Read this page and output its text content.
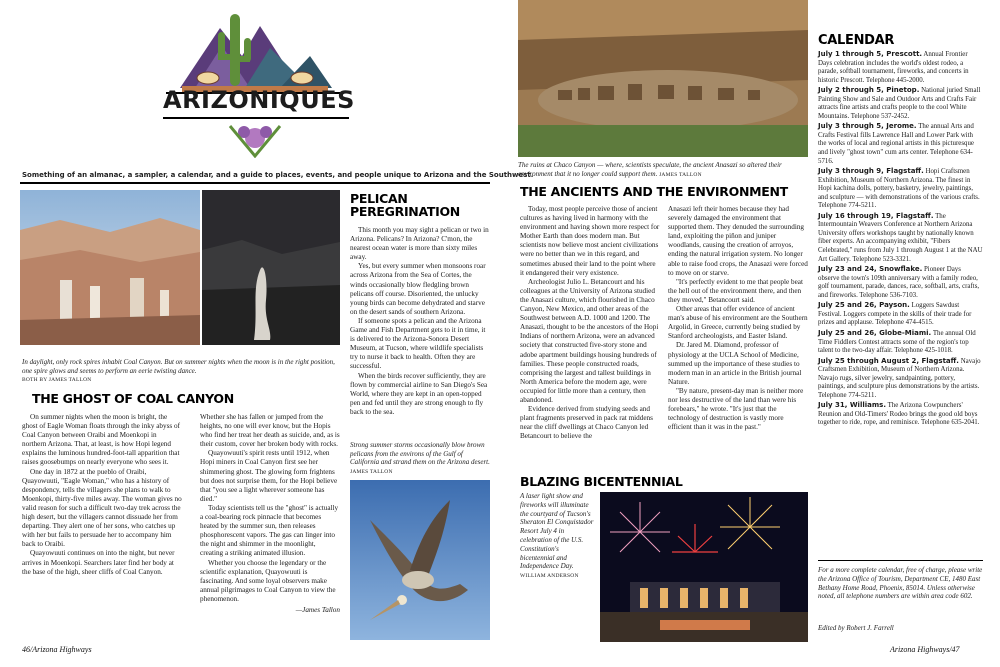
ARIZONIQUES
Something of an almanac, a sampler, a calendar, and a guide to places, events, and people unique to Arizona and the Southwest.
In daylight, only rock spires inhabit Coal Canyon. But on summer nights when the moon is in the right position, one spire glows and seems to perform an eerie twisting dance.
BOTH BY JAMES TALLON
THE GHOST OF COAL CANYON

On summer nights when the moon is bright, the ghost of Eagle Woman floats through the inky abyss of Coal Canyon between Oraibi and Moenkopi in northern Arizona. That, at least, is how Hopi legend explains the luminous hundred-foot-tall apparition that raises goosebumps on nearly everyone who sees it.

One day in 1872 at the pueblo of Oraibi, Quayowuuti, "Eagle Woman," who has a history of despondency, tells the villagers she plans to walk to Moenkopi, thirty-five miles away. The woman gives no valid reason for such a difficult two-day trek across the high desert, but the villagers cannot dissuade her from departing. They alert one of her sons, who catches up with her but fails to persuade her to accompany him back to Oraibi.

Quayowuuti continues on into the night, but never arrives in Moenkopi. Searchers later find her body at the base of the high, sheer cliffs of Coal Canyon.

Whether she has fallen or jumped from the heights, no one will ever know, but the Hopis who find her treat her death as suicide, and, as is their custom, cover her broken body with rocks.

Quayowuuti's spirit rests until 1912, when Hopi miners in Coal Canyon first see her shimmering ghost. The glowing form frightens but does not surprise them, for the Hopi believe that "you see a light wherever someone has died."

Today scientists tell us the "ghost" is actually a coal-bearing rock pinnacle that becomes heated by the summer sun, then releases phosphorescent vapors. The gas can linger into the night and shimmer in the moonlight, creating a striking animated illusion.

Whether you choose the legendary or the scientific explanation, Quayowuuti is fascinating. And some loyal observers make annual pilgrimages to Coal Canyon to view the phenomenon.

—James Tallon
PELICAN
PEREGRINATION

This month you may sight a pelican or two in Arizona. Pelicans? In Arizona? C'mon, the nearest ocean water is more than sixty miles away.

Yes, but every summer when monsoons roar across Arizona from the Sea of Cortes, the winds occasionally blow fledgling brown pelicans off course. Disoriented, the unlucky young birds can become dehydrated and starve on the desert sands of southern Arizona.

If someone spots a pelican and the Arizona Game and Fish Department gets to it in time, it is delivered to the Arizona-Sonora Desert Museum, at Tucson, where wildlife specialists try to nurse it back to health. Often they are successful.

When the birds recover sufficiently, they are flown by commercial airline to San Diego's Sea World, where they are kept in an open-topped pen and fed until they are strong enough to fly back to the sea.

Strong summer storms occasionally blow brown pelicans from the environs of the Gulf of California and strand them on the Arizona desert. JAMES TALLON
46/Arizona Highways
The ruins at Chaco Canyon — where, scientists speculate, the ancient Anasazi so altered their environment that it no longer could support them. JAMES TALLON
THE ANCIENTS AND THE ENVIRONMENT

Today, most people perceive those of ancient cultures as having lived in harmony with the environment and having shown more respect for Mother Earth than does modern man. But scientists now believe most ancient civilizations were no better than we in this regard, and sometimes abused their land to the point where it endangered their very existence.

Archeologist Julio L. Betancourt and his colleagues at the University of Arizona studied the Anasazi culture, which flourished in Chaco Canyon, New Mexico, and other areas of the Southwest between A.D. 1000 and 1200. The Anasazi, thought to be the ancestors of the Hopi Indians of northern Arizona, were an advanced society that constructed five-story stone and adobe apartment buildings housing hundreds of families. These people constructed roads, comprising the largest and tallest buildings in North America before the modern age, were occupied for little more than a century, then abandoned.

Evidence derived from studying seeds and plant fragments preserved in pack rat middens near the cliff dwellings at Chaco Canyon led Betancourt to believe the

Anasazi left their homes because they had severely damaged the environment that supported them. They denuded the surrounding land, exploiting the piñon and juniper woodlands, causing the creation of arroyos, ending the natural irrigation system. No longer able to raise food crops, the Anasazi were forced to move on or starve.

"It's perfectly evident to me that people beat the hell out of the environment there, and then they moved," Betancourt said.

Other areas that offer evidence of ancient man's abuse of his environment are the Southern Argolid, in Greece, currently being studied by Stanford archeologists, and Easter Island.

Dr. Jared M. Diamond, professor of physiology at the UCLA School of Medicine, summed up the importance of these studies to modern man in an article in the British journal Nature.

"By nature, present-day man is neither more nor less destructive of the land than were his forebears," he wrote. "It's just that the technology of destruction is vastly more efficient than it was in the past."

BLAZING BICENTENNIAL
A laser light show and fireworks will illuminate the courtyard of Tucson's Sheraton El Conquistador Resort July 4 in celebration of the U.S. Constitution's bicentennial and Independence Day.
WILLIAM ANDERSON
CALENDAR
July 1 through 5, Prescott. Annual Frontier Days celebration includes the world's oldest rodeo, a parade, softball tournament, fireworks, and concerts in historic Prescott. Telephone 445-2000.
July 2 through 5, Pinetop. National juried Small Painting Show and Sale and Outdoor Arts and Crafts Fair attracts fine artists and crafts people to the cool White Mountains. Telephone 537-2452.
July 3 through 5, Jerome. The annual Arts and Crafts Festival fills Lawrence Hall and Lower Park with the works of local and regional artists in this picturesque and lively "ghost town" cum arts center. Telephone 634-5716.
July 3 through 9, Flagstaff. Hopi Craftsmen Exhibition, Museum of Northern Arizona. The finest in Hopi kachina dolls, pottery, basketry, jewelry, paintings, and sculpture — with demonstrations of the various crafts. Telephone 774-5211.
July 16 through 19, Flagstaff. The Intermountain Weavers Conference at Northern Arizona University offers workshops taught by nationally known fiber experts. An accompanying exhibit, "Fibers Celebrated," runs from July 1 through August 1 at the NAU Art Gallery. Telephone 523-3321.
July 23 and 24, Snowflake. Pioneer Days observe the town's 109th anniversary with a family rodeo, golf tournament, parade, dances, race, softball, arts, crafts, and fireworks. Telephone 536-7103.
July 25 and 26, Payson. Loggers Sawdust Festival. Loggers compete in the skills of their trade for prizes and applause. Telephone 474-4515.
July 25 and 26, Globe-Miami. The annual Old Time Fiddlers Contest attracts some of the region's top talent to the two-day affair. Telephone 425-1018.
July 25 through August 2, Flagstaff. Navajo Craftsmen Exhibition, Museum of Northern Arizona. Navajo rugs, silver jewelry, sandpainting, pottery, paintings, and sculpture plus demonstrations by the artists. Telephone 774-5211.
July 31, Williams. The Arizona Cowpunchers' Reunion and Old-Timers' Rodeo brings the good old boys together to ride, rope, and reminisce. Telephone 635-2041.
For a more complete calendar, free of charge, please write the Arizona Office of Tourism, Department CE, 1480 East Bethany Home Road, Phoenix, 85014. Unless otherwise noted, all telephone numbers are within area code 602.
Edited by Robert J. Farrell
Arizona Highways/47
